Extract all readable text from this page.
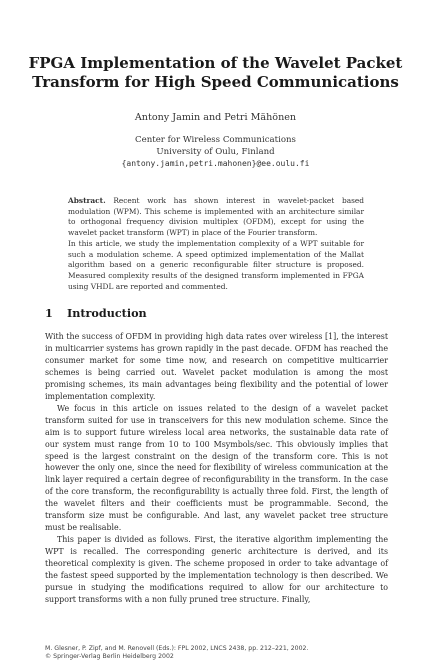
FPGA Implementation of the Wavelet Packet
Transform for High Speed Communications
Antony Jamin and Petri Mähönen
Center for Wireless Communications
University of Oulu, Finland
{antony.jamin,petri.mahonen}@ee.oulu.fi
Abstract. Recent work has shown interest in wavelet-packet based modulation (WPM). This scheme is implemented with an architecture similar to orthogonal frequency division multiplex (OFDM), except for using the wavelet packet transform (WPT) in place of the Fourier transform.
In this article, we study the implementation complexity of a WPT suitable for such a modulation scheme. A speed optimized implementation of the Mallat algorithm based on a generic reconfigurable filter structure is proposed. Measured complexity results of the designed transform implemented in FPGA using VHDL are reported and commented.
1 Introduction

With the success of OFDM in providing high data rates over wireless [1], the interest in multicarrier systems has grown rapidly in the past decade. OFDM has reached the consumer market for some time now, and research on competitive multicarrier schemes is being carried out. Wavelet packet modulation is among the most promising schemes, its main advantages being flexibility and the potential of lower implementation complexity.

We focus in this article on issues related to the design of a wavelet packet transform suited for use in transceivers for this new modulation scheme. Since the aim is to support future wireless local area networks, the sustainable data rate of our system must range from 10 to 100 Msymbols/sec. This obviously implies that speed is the largest constraint on the design of the transform core. This is not however the only one, since the need for flexibility of wireless communication at the link layer required a certain degree of reconfigurability in the transform. In the case of the core transform, the reconfigurability is actually three fold. First, the length of the wavelet filters and their coefficients must be programmable. Second, the transform size must be configurable. And last, any wavelet packet tree structure must be realisable.

This paper is divided as follows. First, the iterative algorithm implementing the WPT is recalled. The corresponding generic architecture is derived, and its theoretical complexity is given. The scheme proposed in order to take advantage of the fastest speed supported by the implementation technology is then described. We pursue in studying the modifications required to allow for our architecture to support transforms with a non fully pruned tree structure. Finally,

M. Glesner, P. Zipf, and M. Renovell (Eds.): FPL 2002, LNCS 2438, pp. 212–221, 2002.
© Springer-Verlag Berlin Heidelberg 2002
